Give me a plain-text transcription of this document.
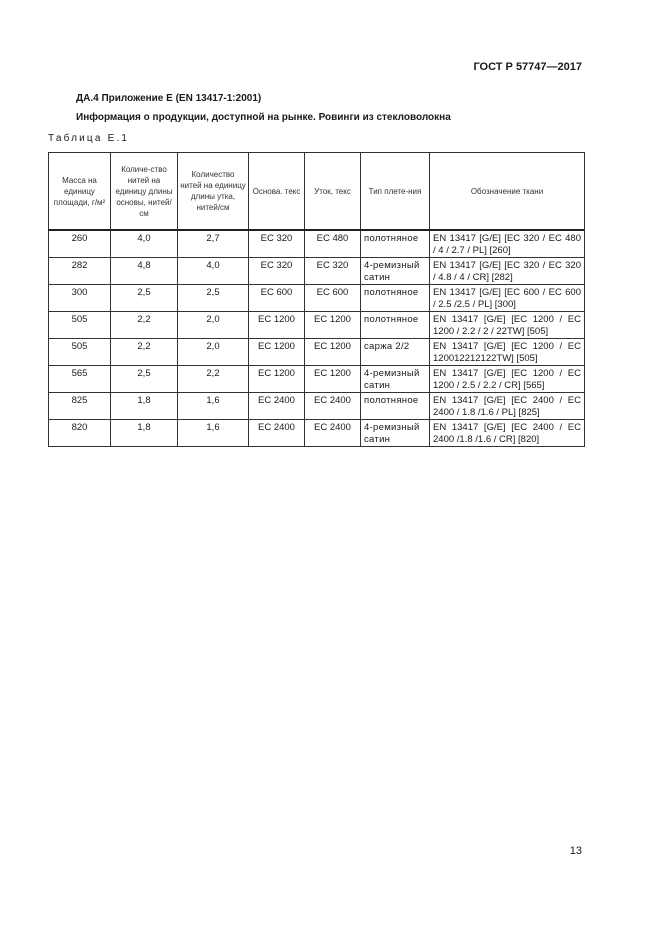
ГОСТ Р 57747—2017
ДА.4 Приложение Е (EN 13417-1:2001)
Информация о продукции, доступной на рынке. Ровинги из стекловолокна
Таблица Е.1
Масса на единицу площади, г/м²	Количе-ство нитей на единицу длины основы, нитей/см	Количество нитей на единицу длины утка, нитей/см	Основа. текс	Уток, текс	Тип плете-ния	Обозначение ткани
260	4,0	2,7	ЕС 320	ЕС 480	полотняное	EN 13417 [G/E] [ЕС 320 / ЕС 480 / 4 / 2.7 / PL] [260]
282	4,8	4,0	ЕС 320	ЕС 320	4-ремизный сатин	EN 13417 [G/E] [ЕС 320 / ЕС 320 / 4.8 / 4 / CR] [282]
300	2,5	2,5	ЕС 600	ЕС 600	полотняное	EN 13417 [G/E] [ЕС 600 / ЕС 600 / 2.5 /2.5 / PL] [300]
505	2,2	2,0	ЕС 1200	ЕС 1200	полотняное	EN 13417 [G/E] [ЕС 1200 / ЕС 1200 / 2.2 / 2 / 22TW] [505]
505	2,2	2,0	ЕС 1200	ЕС 1200	саржа 2/2	EN 13417 [G/E] [ЕС 1200 / ЕС 120012212122TW] [505]
565	2,5	2,2	ЕС 1200	ЕС 1200	4-ремизный сатин	EN 13417 [G/E] [ЕС 1200 / ЕС 1200 / 2.5 / 2.2 / CR] [565]
825	1,8	1,6	ЕС 2400	ЕС 2400	полотняное	EN 13417 [G/E] [ЕС 2400 / ЕС 2400 / 1.8 /1.6 / PL] [825]
820	1,8	1,6	ЕС 2400	ЕС 2400	4-ремизный сатин	EN 13417 [G/E] [ЕС 2400 / ЕС 2400 /1.8 /1.6 / CR] [820]
13
